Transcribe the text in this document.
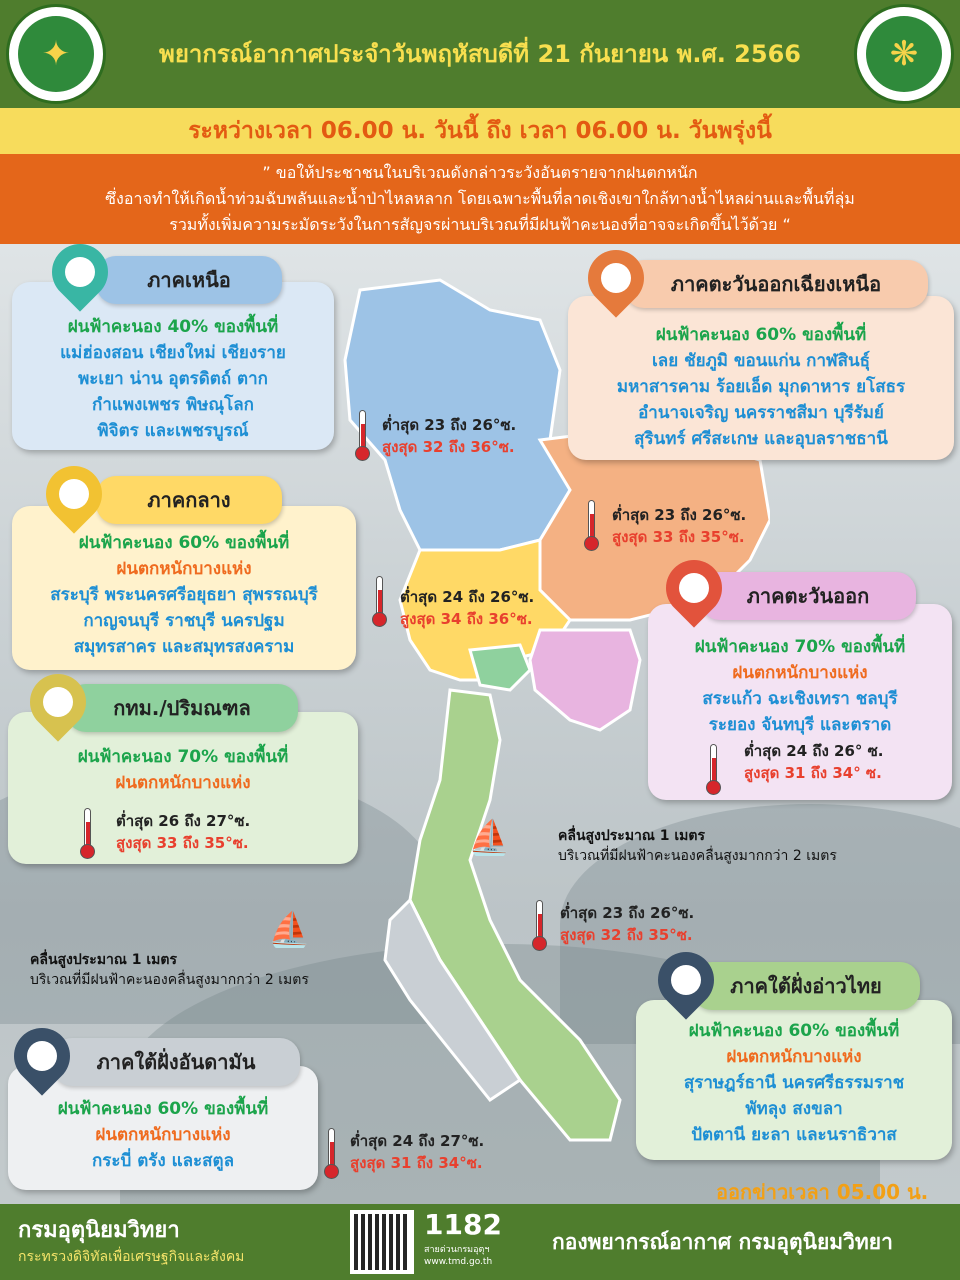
✦	พยากรณ์อากาศประจำวันพฤหัสบดีที่ 21 กันยายน พ.ศ. 2566	❋
ระหว่างเวลา 06.00 น. วันนี้ ถึง เวลา 06.00 น. วันพรุ่งนี้
” ขอให้ประชาชนในบริเวณดังกล่าวระวังอันตรายจากฝนตกหนัก
ซึ่งอาจทำให้เกิดน้ำท่วมฉับพลันและน้ำป่าไหลหลาก โดยเฉพาะพื้นที่ลาดเชิงเขาใกล้ทางน้ำไหลผ่านและพื้นที่ลุ่ม
รวมทั้งเพิ่มความระมัดระวังในการสัญจรผ่านบริเวณที่มีฝนฟ้าคะนองที่อาจจะเกิดขึ้นไว้ด้วย “
ฝนฟ้าคะนอง 40% ของพื้นที่
แม่ฮ่องสอน เชียงใหม่ เชียงราย
พะเยา น่าน อุตรดิตถ์ ตาก
กำแพงเพชร พิษณุโลก
พิจิตร และเพชรบูรณ์
ภาคเหนือ
ต่ำสุด 23 ถึง 26°ซ.
สูงสุด 32 ถึง 36°ซ.
ฝนฟ้าคะนอง 60% ของพื้นที่
เลย ชัยภูมิ ขอนแก่น กาฬสินธุ์
มหาสารคาม ร้อยเอ็ด มุกดาหาร ยโสธร
อำนาจเจริญ นครราชสีมา บุรีรัมย์
สุรินทร์ ศรีสะเกษ และอุบลราชธานี
ภาคตะวันออกเฉียงเหนือ
ต่ำสุด 23 ถึง 26°ซ.
สูงสุด 33 ถึง 35°ซ.
ฝนฟ้าคะนอง 60% ของพื้นที่
ฝนตกหนักบางแห่ง
สระบุรี พระนครศรีอยุธยา สุพรรณบุรี
กาญจนบุรี ราชบุรี นครปฐม
สมุทรสาคร และสมุทรสงคราม
ภาคกลาง
ต่ำสุด 24 ถึง 26°ซ.
สูงสุด 34 ถึง 36°ซ.
ฝนฟ้าคะนอง 70% ของพื้นที่
ฝนตกหนักบางแห่ง
กทม./ปริมณฑล
ต่ำสุด 26 ถึง 27°ซ.
สูงสุด 33 ถึง 35°ซ.
ฝนฟ้าคะนอง 70% ของพื้นที่
ฝนตกหนักบางแห่ง
สระแก้ว ฉะเชิงเทรา ชลบุรี
ระยอง จันทบุรี และตราด
ภาคตะวันออก
ต่ำสุด 24 ถึง 26° ซ.
สูงสุด 31 ถึง 34° ซ.
⛵	คลื่นสูงประมาณ 1 เมตร
บริเวณที่มีฝนฟ้าคะนองคลื่นสูงมากกว่า 2 เมตร
ต่ำสุด 23 ถึง 26°ซ.
สูงสุด 32 ถึง 35°ซ.
⛵
คลื่นสูงประมาณ 1 เมตร
บริเวณที่มีฝนฟ้าคะนองคลื่นสูงมากกว่า 2 เมตร
ฝนฟ้าคะนอง 60% ของพื้นที่
ฝนตกหนักบางแห่ง
สุราษฎร์ธานี นครศรีธรรมราช
พัทลุง สงขลา
ปัตตานี ยะลา และนราธิวาส
ภาคใต้ฝั่งอ่าวไทย
ฝนฟ้าคะนอง 60% ของพื้นที่
ฝนตกหนักบางแห่ง
กระบี่ ตรัง และสตูล
ภาคใต้ฝั่งอันดามัน
ต่ำสุด 24 ถึง 27°ซ.
สูงสุด 31 ถึง 34°ซ.
ออกข่าวเวลา 05.00 น.
กรมอุตุนิยมวิทยา
กระทรวงดิจิทัลเพื่อเศรษฐกิจและสังคม
1182
สายด่วนกรมอุตุฯ
www.tmd.go.th
กองพยากรณ์อากาศ กรมอุตุนิยมวิทยา
